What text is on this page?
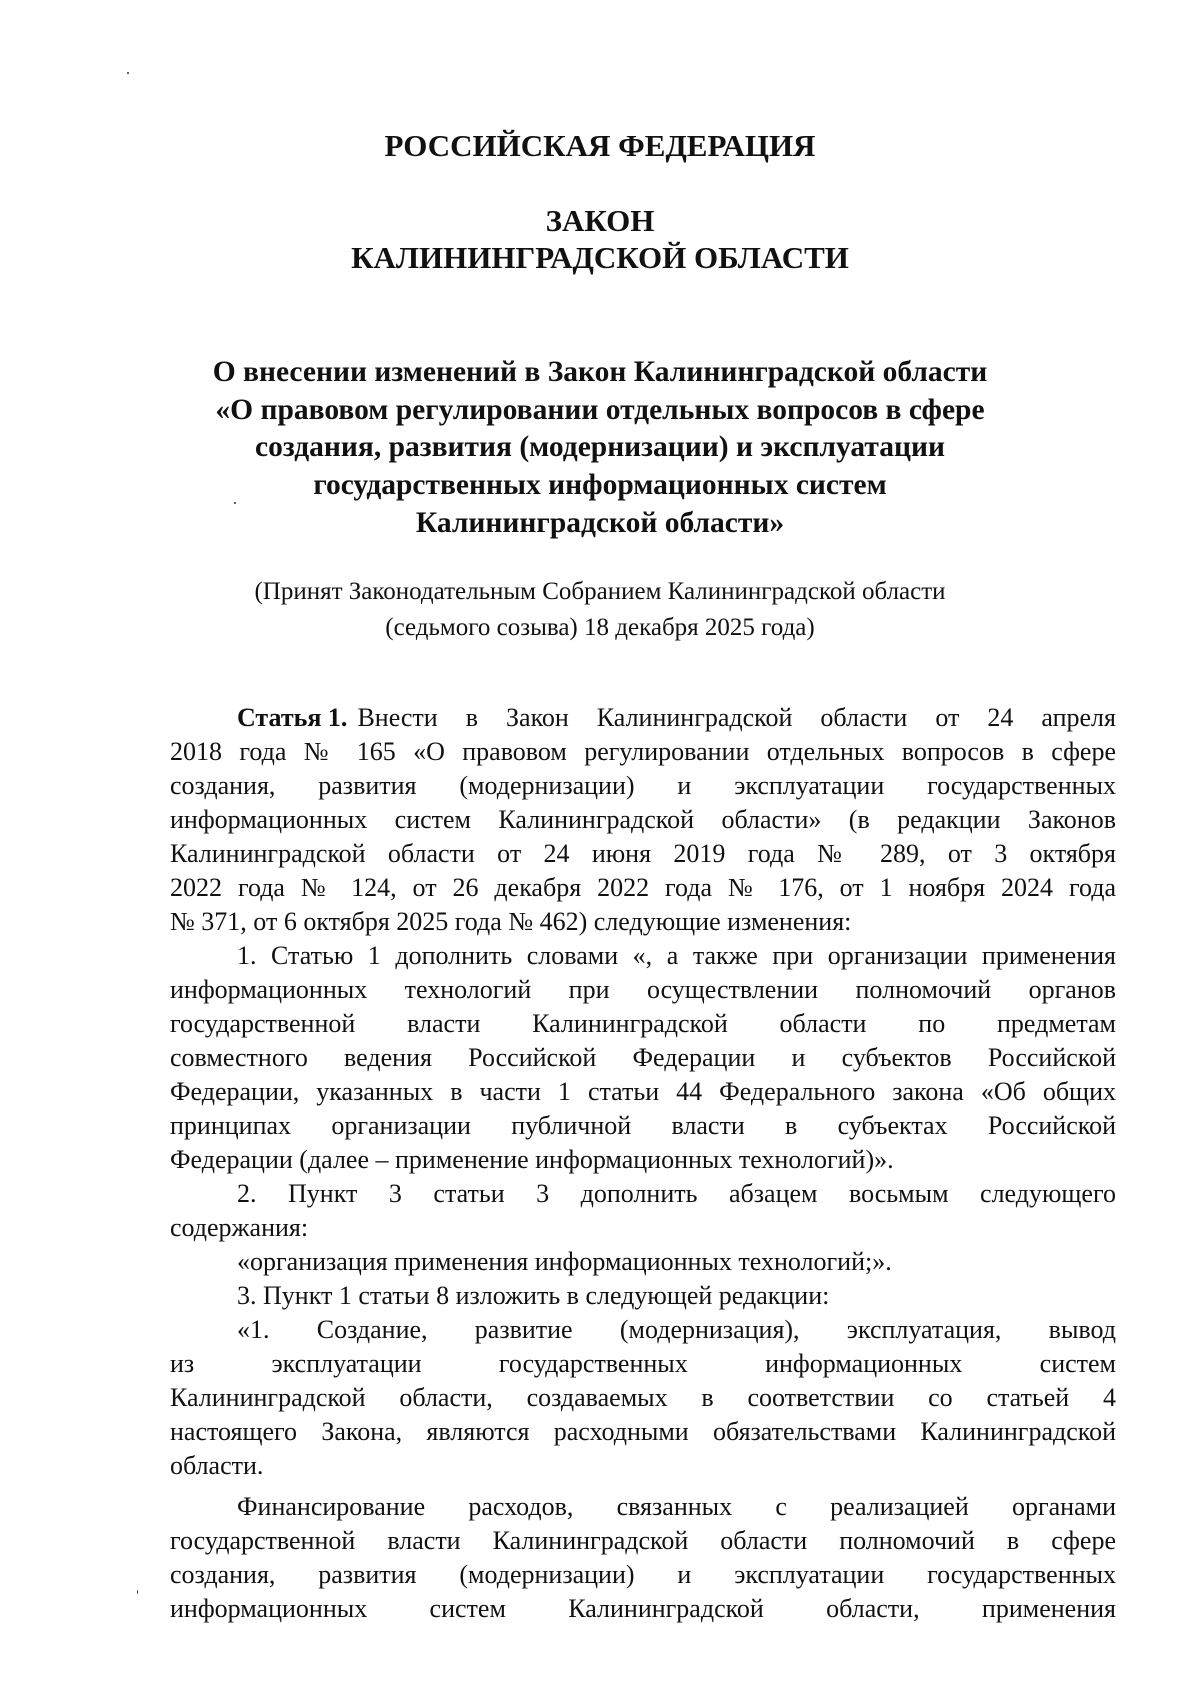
РОССИЙСКАЯ ФЕДЕРАЦИЯ
ЗАКОН
КАЛИНИНГРАДСКОЙ ОБЛАСТИ
О внесении изменений в Закон Калининградской области
«О правовом регулировании отдельных вопросов в сфере
создания, развития (модернизации) и эксплуатации
государственных информационных систем
Калининградской области»
(Принят Законодательным Собранием Калининградской области
(седьмого созыва) 18 декабря 2025 года)
Статья 1. Внести в Закон Калининградской области от 24 апреля
2018 года № 165 «О правовом регулировании отдельных вопросов в сфере
создания, развития (модернизации) и эксплуатации государственных
информационных систем Калининградской области» (в редакции Законов
Калининградской области от 24 июня 2019 года № 289, от 3 октября
2022 года № 124, от 26 декабря 2022 года № 176, от 1 ноября 2024 года
№ 371, от 6 октября 2025 года № 462) следующие изменения:
1. Статью 1 дополнить словами «, а также при организации применения
информационных технологий при осуществлении полномочий органов
государственной власти Калининградской области по предметам
совместного ведения Российской Федерации и субъектов Российской
Федерации, указанных в части 1 статьи 44 Федерального закона «Об общих
принципах организации публичной власти в субъектах Российской
Федерации (далее – применение информационных технологий)».
2. Пункт 3 статьи 3 дополнить абзацем восьмым следующего
содержания:
«организация применения информационных технологий;».
3. Пункт 1 статьи 8 изложить в следующей редакции:
«1. Создание, развитие (модернизация), эксплуатация, вывод
из эксплуатации государственных информационных систем
Калининградской области, создаваемых в соответствии со статьей 4
настоящего Закона, являются расходными обязательствами Калининградской
области.
Финансирование расходов, связанных с реализацией органами
государственной власти Калининградской области полномочий в сфере
создания, развития (модернизации) и эксплуатации государственных
информационных систем Калининградской области, применения
